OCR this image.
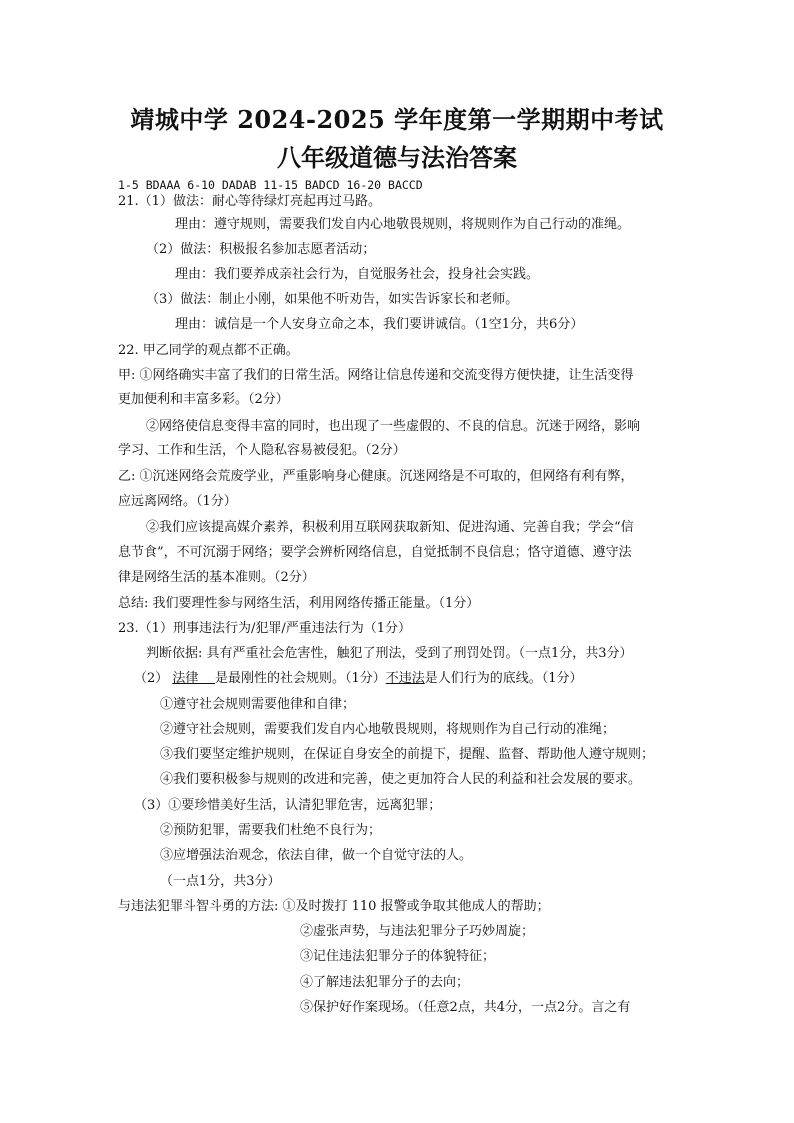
靖城中学 2024-2025 学年度第一学期期中考试
八年级道德与法治答案
1-5 BDAAA 6-10 DADAB 11-15 BADCD 16-20 BACCD
21.（1）做法：耐心等待绿灯亮起再过马路。
理由：遵守规则，需要我们发自内心地敬畏规则，将规则作为自己行动的准绳。
（2）做法：积极报名参加志愿者活动；
理由：我们要养成亲社会行为，自觉服务社会，投身社会实践。
（3）做法：制止小刚，如果他不听劝告，如实告诉家长和老师。
理由：诚信是一个人安身立命之本，我们要讲诚信。（1空1分，共6分）
22. 甲乙同学的观点都不正确。
甲: ①网络确实丰富了我们的日常生活。网络让信息传递和交流变得方便快捷，让生活变得
更加便利和丰富多彩。（2分）
②网络使信息变得丰富的同时，也出现了一些虚假的、不良的信息。沉迷于网络，影响
学习、工作和生活，个人隐私容易被侵犯。（2分）
乙: ①沉迷网络会荒废学业，严重影响身心健康。沉迷网络是不可取的，但网络有利有弊，
应远离网络。（1分）
②我们应该提高媒介素养，积极利用互联网获取新知、促进沟通、完善自我；学会“信
息节食”，不可沉溺于网络；要学会辨析网络信息，自觉抵制不良信息；恪守道德、遵守法
律是网络生活的基本准则。（2分）
总结: 我们要理性参与网络生活，利用网络传播正能量。（1分）
23.（1）刑事违法行为/犯罪/严重违法行为（1分）
判断依据: 具有严重社会危害性，触犯了刑法，受到了刑罚处罚。（一点1分，共3分）
（2） 法律 是最刚性的社会规则。（1分）不违法是人们行为的底线。（1分）
①遵守社会规则需要他律和自律；
②遵守社会规则，需要我们发自内心地敬畏规则，将规则作为自己行动的准绳；
③我们要坚定维护规则，在保证自身安全的前提下，提醒、监督、帮助他人遵守规则；
④我们要积极参与规则的改进和完善，使之更加符合人民的利益和社会发展的要求。
（3）①要珍惜美好生活，认清犯罪危害，远离犯罪；
②预防犯罪，需要我们杜绝不良行为；
③应增强法治观念，依法自律，做一个自觉守法的人。
（一点1分，共3分）
与违法犯罪斗智斗勇的方法: ①及时拨打 110 报警或争取其他成人的帮助；
②虚张声势，与违法犯罪分子巧妙周旋；
③记住违法犯罪分子的体貌特征；
④了解违法犯罪分子的去向；
⑤保护好作案现场。（任意2点，共4分，一点2分。言之有
